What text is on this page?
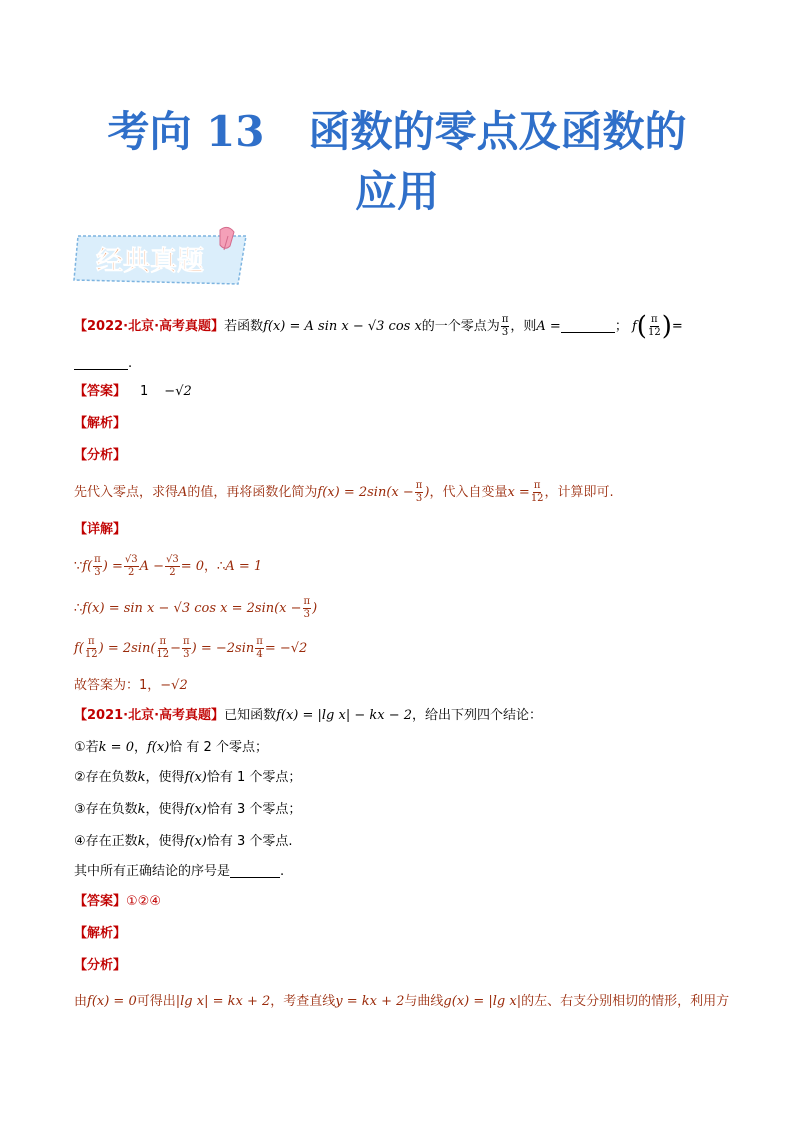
考向 13 函数的零点及函数的
应用
经典真题
【2022·北京·高考真题】若函数f(x) = A sin x − √3 cos x的一个零点为 $\frac{\pi}{3}$ ，则A =	； $f( \frac{\pi}{12}$ )=
.
【答案】 1 −√2
【解析】
【分析】
先代入零点，求得A的值，再将函数化简为$f(x) = 2\sin(x - \frac{\pi}{3}$ )，代入自变量$x = \frac{\pi}{12}$ ，计算即可.
【详解】
∵f( $\frac{\pi}{3}$ ) = $\frac{√3}{2}$ $A - \frac{√3}{2} = 0$，∴A = 1
∴f(x) = sin x − √3 $\cos x = 2\sin(x - \frac{\pi}{3}$ )
$f( \frac{\pi}{12}$ ) = $2\sin( \frac{\pi}{12} - \frac{\pi}{3}$ ) = $-2\sin \frac{\pi}{4} = -√2$
故答案为：1，−√2
【2021·北京·高考真题】已知函数f(x) = |lg x| − kx − 2，给出下列四个结论：
①若k = 0，f(x)恰 有 2 个零点；
②存在负数k，使得f(x)恰有 1 个零点；
③存在负数k，使得f(x)恰有 3 个零点；
④存在正数k，使得f(x)恰有 3 个零点.
其中所有正确结论的序号是	.
【答案】①②④
【解析】
【分析】
由f(x) = 0可得出|lg x| = kx + 2，考查直线y = kx + 2与曲线g(x) = |lg x|的左、右支分别相切的情形，利用方
